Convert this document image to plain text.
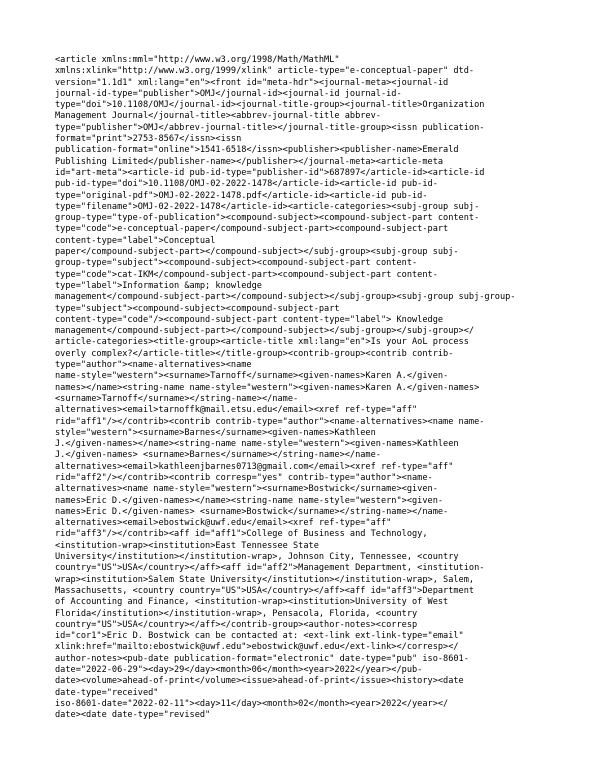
<article xmlns:mml="http://www.w3.org/1998/Math/MathML"
xmlns:xlink="http://www.w3.org/1999/xlink" article-type="e-conceptual-paper" dtd-
version="1.1d1" xml:lang="en"><front id="meta-hdr"><journal-meta><journal-id
journal-id-type="publisher">OMJ</journal-id><journal-id journal-id-
type="doi">10.1108/OMJ</journal-id><journal-title-group><journal-title>Organization
Management Journal</journal-title><abbrev-journal-title abbrev-
type="publisher">OMJ</abbrev-journal-title></journal-title-group><issn publication-
format="print">2753-8567</issn><issn
publication-format="online">1541-6518</issn><publisher><publisher-name>Emerald
Publishing Limited</publisher-name></publisher></journal-meta><article-meta
id="art-meta"><article-id pub-id-type="publisher-id">687897</article-id><article-id
pub-id-type="doi">10.1108/OMJ-02-2022-1478</article-id><article-id pub-id-
type="original-pdf">OMJ-02-2022-1478.pdf</article-id><article-id pub-id-
type="filename">OMJ-02-2022-1478</article-id><article-categories><subj-group subj-
group-type="type-of-publication"><compound-subject><compound-subject-part content-
type="code">e-conceptual-paper</compound-subject-part><compound-subject-part
content-type="label">Conceptual
paper</compound-subject-part></compound-subject></subj-group><subj-group subj-
group-type="subject"><compound-subject><compound-subject-part content-
type="code">cat-IKM</compound-subject-part><compound-subject-part content-
type="label">Information &amp; knowledge
management</compound-subject-part></compound-subject></subj-group><subj-group subj-group-
type="subject"><compound-subject><compound-subject-part
content-type="code"/><compound-subject-part content-type="label"> Knowledge
management</compound-subject-part></compound-subject></subj-group></subj-group></
article-categories><title-group><article-title xml:lang="en">Is your AoL process
overly complex?</article-title></title-group><contrib-group><contrib contrib-
type="author"><name-alternatives><name
name-style="western"><surname>Tarnoff</surname><given-names>Karen A.</given-
names></name><string-name name-style="western"><given-names>Karen A.</given-names>
<surname>Tarnoff</surname></string-name></name-
alternatives><email>tarnoffk@mail.etsu.edu</email><xref ref-type="aff"
rid="aff1"/></contrib><contrib contrib-type="author"><name-alternatives><name name-
style="western"><surname>Barnes</surname><given-names>Kathleen
J.</given-names></name><string-name name-style="western"><given-names>Kathleen
J.</given-names> <surname>Barnes</surname></string-name></name-
alternatives><email>kathleenjbarnes0713@gmail.com</email><xref ref-type="aff"
rid="aff2"/></contrib><contrib corresp="yes" contrib-type="author"><name-
alternatives><name name-style="western"><surname>Bostwick</surname><given-
names>Eric D.</given-names></name><string-name name-style="western"><given-
names>Eric D.</given-names> <surname>Bostwick</surname></string-name></name-
alternatives><email>ebostwick@uwf.edu</email><xref ref-type="aff"
rid="aff3"/></contrib><aff id="aff1">College of Business and Technology,
<institution-wrap><institution>East Tennessee State
University</institution></institution-wrap>, Johnson City, Tennessee, <country
country="US">USA</country></aff><aff id="aff2">Management Department, <institution-
wrap><institution>Salem State University</institution></institution-wrap>, Salem,
Massachusetts, <country country="US">USA</country></aff><aff id="aff3">Department
of Accounting and Finance, <institution-wrap><institution>University of West
Florida</institution></institution-wrap>, Pensacola, Florida, <country
country="US">USA</country></aff></contrib-group><author-notes><corresp
id="cor1">Eric D. Bostwick can be contacted at: <ext-link ext-link-type="email"
xlink:href="mailto:ebostwick@uwf.edu">ebostwick@uwf.edu</ext-link></corresp></
author-notes><pub-date publication-format="electronic" date-type="pub" iso-8601-
date="2022-06-29"><day>29</day><month>06</month><year>2022</year></pub-
date><volume>ahead-of-print</volume><issue>ahead-of-print</issue><history><date
date-type="received"
iso-8601-date="2022-02-11"><day>11</day><month>02</month><year>2022</year></
date><date date-type="revised"
